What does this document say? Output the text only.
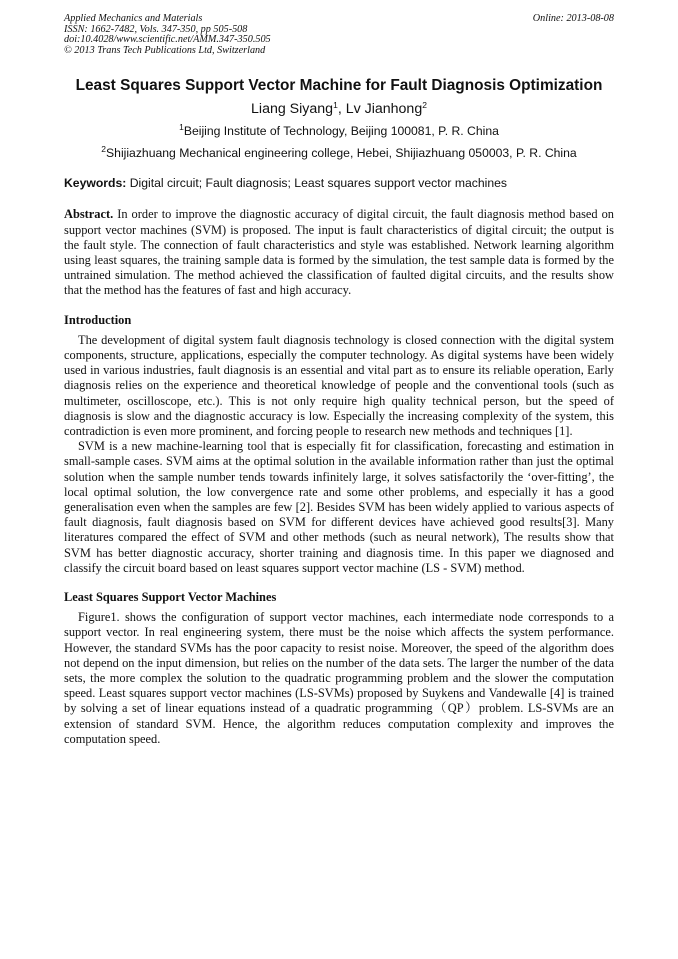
Applied Mechanics and Materials
ISSN: 1662-7482, Vols. 347-350, pp 505-508
doi:10.4028/www.scientific.net/AMM.347-350.505
© 2013 Trans Tech Publications Ltd, Switzerland
Online: 2013-08-08
Least Squares Support Vector Machine for Fault Diagnosis Optimization
Liang Siyang$^1$, Lv Jianhong$^2$
$^1$Beijing Institute of Technology, Beijing 100081, P. R. China
$^2$Shijiazhuang Mechanical engineering college, Hebei, Shijiazhuang 050003, P. R. China
Keywords: Digital circuit; Fault diagnosis; Least squares support vector machines

Abstract. In order to improve the diagnostic accuracy of digital circuit, the fault diagnosis method based on support vector machines (SVM) is proposed. The input is fault characteristics of digital circuit; the output is the fault style. The connection of fault characteristics and style was established. Network learning algorithm using least squares, the training sample data is formed by the simulation, the test sample data is formed by the untrained simulation. The method achieved the classification of faulted digital circuits, and the results show that the method has the features of fast and high accuracy.

Introduction

The development of digital system fault diagnosis technology is closed connection with the digital system components, structure, applications, especially the computer technology. As digital systems have been widely used in various industries, fault diagnosis is an essential and vital part as to ensure its reliable operation, Early diagnosis relies on the experience and theoretical knowledge of people and the conventional tools (such as multimeter, oscilloscope, etc.). This is not only require high quality technical person, but the speed of diagnosis is slow and the diagnostic accuracy is low. Especially the increasing complexity of the system, this contradiction is even more prominent, and forcing people to research new methods and techniques [1].

SVM is a new machine-learning tool that is especially fit for classification, forecasting and estimation in small-sample cases. SVM aims at the optimal solution in the available information rather than just the optimal solution when the sample number tends towards infinitely large, it solves satisfactorily the ‘over-fitting’, the local optimal solution, the low convergence rate and some other problems, and especially it has a good generalisation even when the samples are few [2]. Besides SVM has been widely applied to various aspects of fault diagnosis, fault diagnosis based on SVM for different devices have achieved good results[3]. Many literatures compared the effect of SVM and other methods (such as neural network), The results show that SVM has better diagnostic accuracy, shorter training and diagnosis time. In this paper we diagnosed and classify the circuit board based on least squares support vector machine (LS - SVM) method.

Least Squares Support Vector Machines

Figure1. shows the configuration of support vector machines, each intermediate node corresponds to a support vector. In real engineering system, there must be the noise which affects the system performance. However, the standard SVMs has the poor capacity to resist noise. Moreover, the speed of the algorithm does not depend on the input dimension, but relies on the number of the data sets. The larger the number of the data sets, the more complex the solution to the quadratic programming problem and the slower the computation speed. Least squares support vector machines (LS-SVMs) proposed by Suykens and Vandewalle [4] is trained by solving a set of linear equations instead of a quadratic programming（QP）problem. LS-SVMs are an extension of standard SVM. Hence, the algorithm reduces computation complexity and improves the computation speed.
